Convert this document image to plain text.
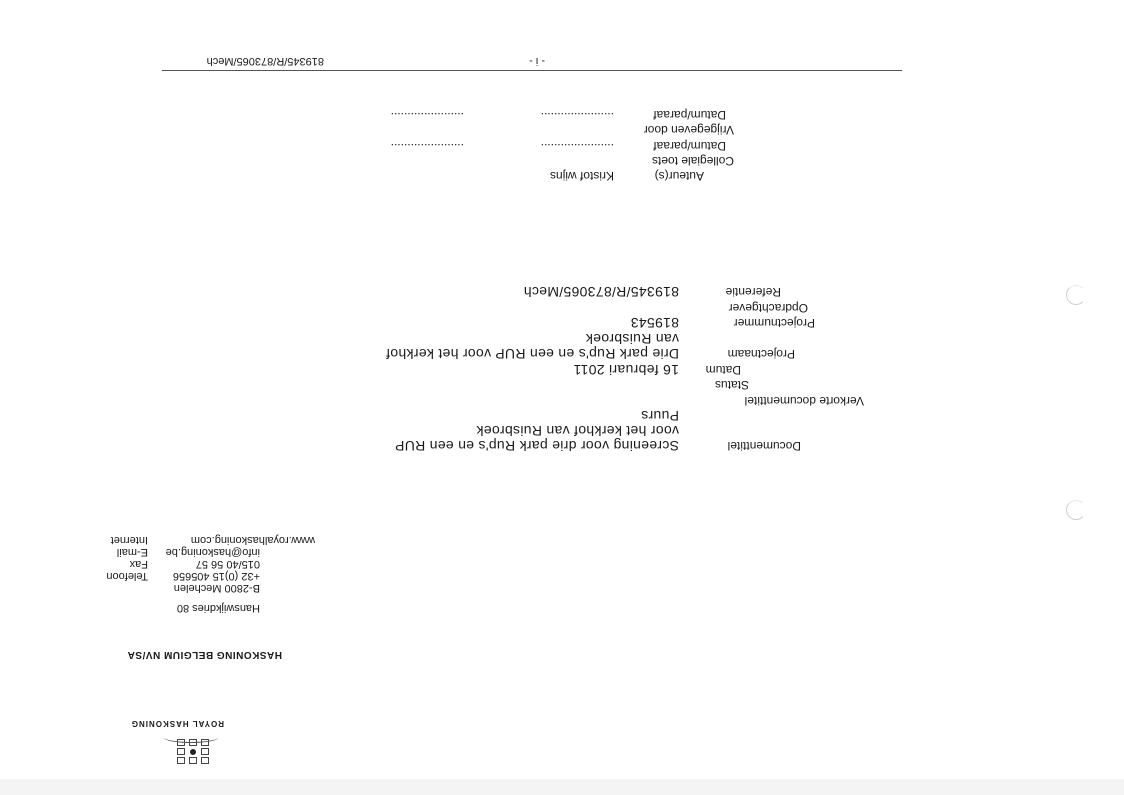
ROYAL HASKONING
HASKONING BELGIUM NV/SA
Hanswijkdries 80
B-2800 Mechelen
+32 (0)15 405656
Telefoon
015/40 56 57
Fax
info@haskoning.be
E-mail
www.royalhaskoning.com
Internet
Documenttitel
Screening voor drie park Rup's en een RUP
voor het kerkhof van Ruisbroek
Puurs
Verkorte documenttitel
Status
Datum
16 februari 2011
Projectnaam
Drie park Rup's en een RUP voor het kerkhof
van Ruisbroek
Projectnummer
819543
Opdrachtgever
Referentie
819345/R/873065/Mech
Auteur(s)
Kristof wijns
Collegiale toets
Datum/paraaf
......................
......................
Vrijgegeven door
Datum/paraaf
......................
......................
819345/R/873065/Mech	- i -
